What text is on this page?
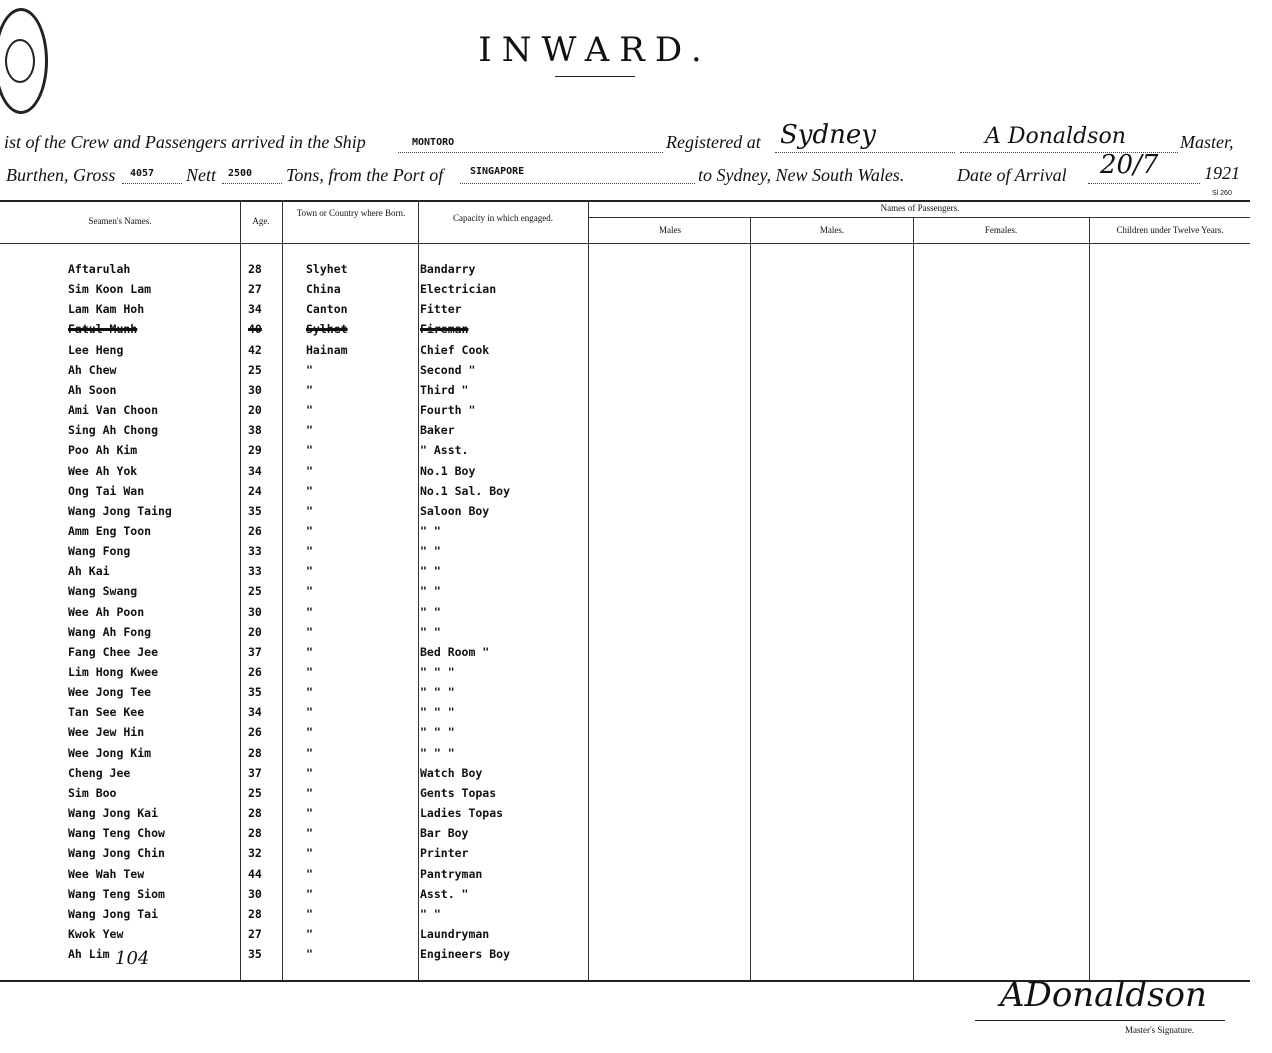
INWARD.
ist of the Crew and Passengers arrived in the Ship	MONTORO	Registered at Sydney	A Donaldson	Master,
Burthen, Gross 4057 Nett 2500 Tons, from the Port of	SINGAPORE	to Sydney, New South Wales.	Date of Arrival 20/7	1921
Sl 260
Seamen's Names.	Age.
Town or Country where Born.	Capacity in which engaged.
Names of Passengers.
Males	Males.	Females.	Children under Twelve Years.
Aftarulah	28	Slyhet	Bandarry
Sim Koon Lam	27	China	Electrician
Lam Kam Hoh	34	Canton	Fitter
Fatul Munh	40	Sylhet	Fireman
Lee Heng	42	Hainam	Chief Cook
Ah Chew	25	"	Second "
Ah Soon	30	"	Third "
Ami Van Choon	20	"	Fourth "
Sing Ah Chong	38	"	Baker
Poo Ah Kim	29	"	" Asst.
Wee Ah Yok	34	"	No.1 Boy
Ong Tai Wan	24	"	No.1 Sal. Boy
Wang Jong Taing	35	"	Saloon Boy
Amm Eng Toon	26	"	" "
Wang Fong	33	"	" "
Ah Kai	33	"	" "
Wang Swang	25	"	" "
Wee Ah Poon	30	"	" "
Wang Ah Fong	20	"	" "
Fang Chee Jee	37	"	Bed Room "
Lim Hong Kwee	26	"	" " "
Wee Jong Tee	35	"	" " "
Tan See Kee	34	"	" " "
Wee Jew Hin	26	"	" " "
Wee Jong Kim	28	"	" " "
Cheng Jee	37	"	Watch Boy
Sim Boo	25	"	Gents Topas
Wang Jong Kai	28	"	Ladies Topas
Wang Teng Chow	28	"	Bar Boy
Wang Jong Chin	32	"	Printer
Wee Wah Tew	44	"	Pantryman
Wang Teng Siom	30	"	Asst. "
Wang Jong Tai	28	"	" "
Kwok Yew	27	"	Laundryman
Ah Lim	35	"	Engineers Boy
104
ADonaldson
Master's Signature.
